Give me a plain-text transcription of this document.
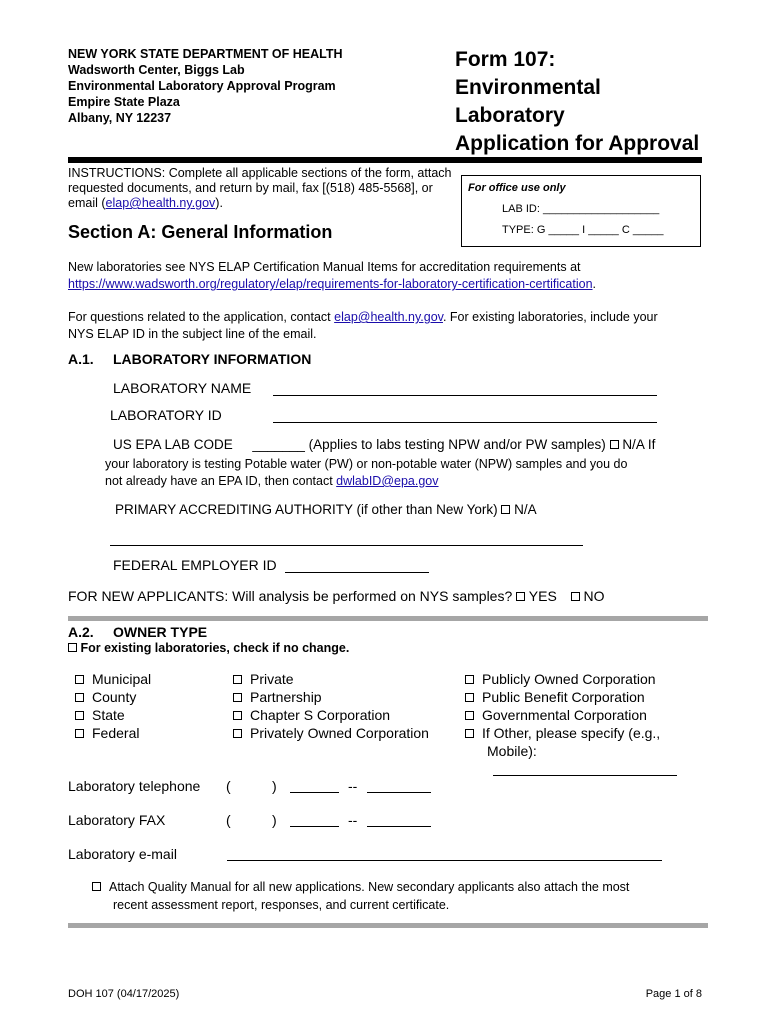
NEW YORK STATE DEPARTMENT OF HEALTH
Wadsworth Center, Biggs Lab
Environmental Laboratory Approval Program
Empire State Plaza
Albany, NY 12237
Form 107:
Environmental
Laboratory
Application for Approval
INSTRUCTIONS: Complete all applicable sections of the form, attach requested documents, and return by mail, fax [(518) 485-5568], or email (elap@health.ny.gov).
For office use only
LAB ID: ___________________
TYPE: G _____ I _____ C _____
Section A: General Information
New laboratories see NYS ELAP Certification Manual Items for accreditation requirements at
https://www.wadsworth.org/regulatory/elap/requirements-for-laboratory-certification-certification.
For questions related to the application, contact elap@health.ny.gov. For existing laboratories, include your
NYS ELAP ID in the subject line of the email.
A.1. LABORATORY INFORMATION
LABORATORY NAME
LABORATORY ID
US EPA LAB CODE _______ (Applies to labs testing NPW and/or PW samples) N/A If
your laboratory is testing Potable water (PW) or non-potable water (NPW) samples and you do
not already have an EPA ID, then contact dwlabID@epa.gov
PRIMARY ACCREDITING AUTHORITY (if other than New York) N/A
FEDERAL EMPLOYER ID
FOR NEW APPLICANTS: Will analysis be performed on NYS samples? YES NO
A.2. OWNER TYPE
For existing laboratories, check if no change.
Municipal
County
State
Federal
Private
Partnership
Chapter S Corporation
Privately Owned Corporation
Publicly Owned Corporation
Public Benefit Corporation
Governmental Corporation
If Other, please specify (e.g.,
Mobile):
Laboratory telephone (	)	--
Laboratory FAX	(	)	--
Laboratory e-mail
Attach Quality Manual for all new applications. New secondary applicants also attach the most
recent assessment report, responses, and current certificate.
DOH 107 (04/17/2025)	Page 1 of 8
